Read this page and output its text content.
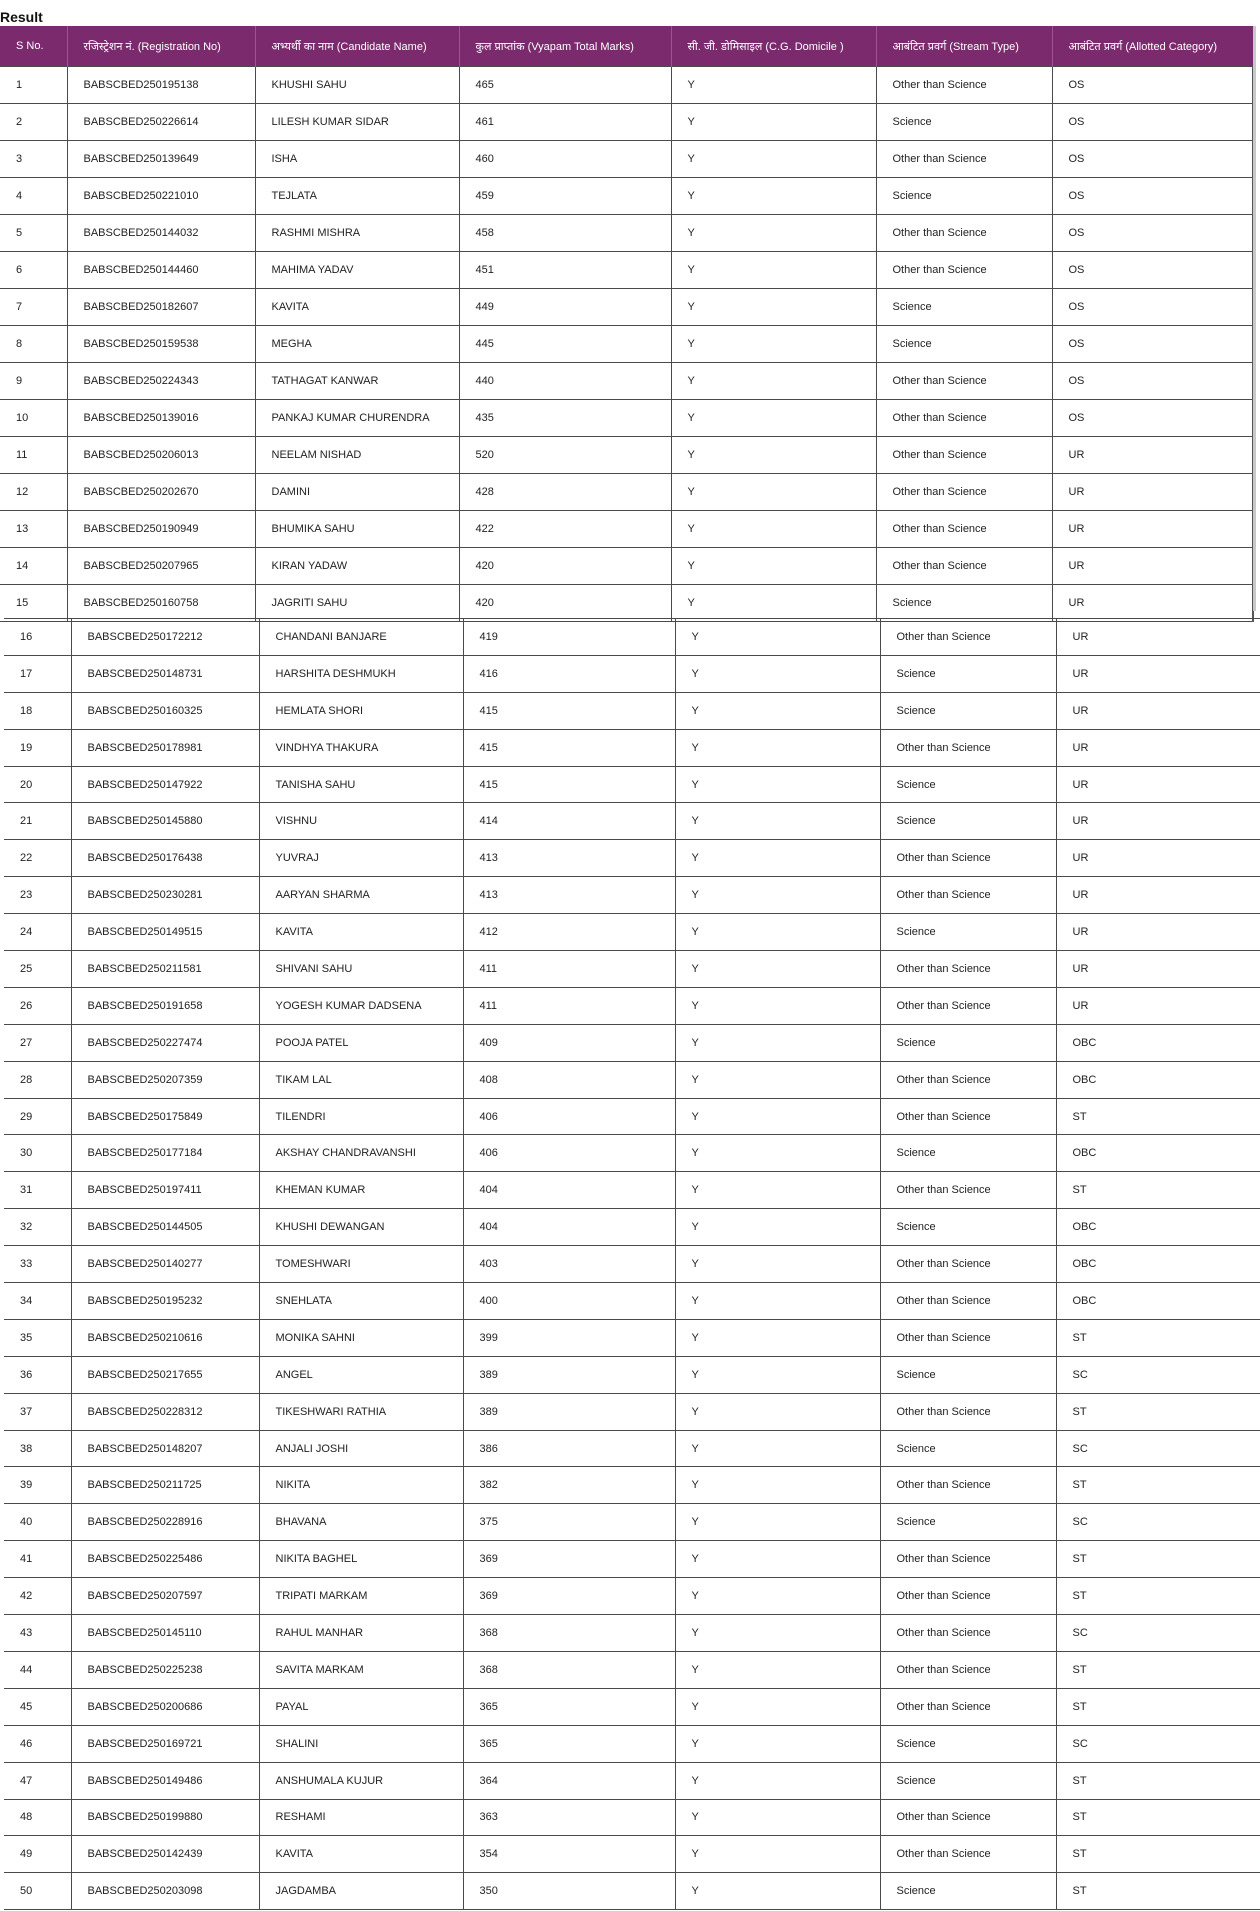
Result
S No.	रजिस्ट्रेशन नं. (Registration No)	अभ्यर्थी का नाम (Candidate Name)	कुल प्राप्तांक (Vyapam Total Marks)	सी. जी. डोमिसाइल (C.G. Domicile )	आबंटित प्रवर्ग (Stream Type)	आबंटित प्रवर्ग (Allotted Category)
1	BABSCBED250195138	KHUSHI SAHU	465	Y	Other than Science	OS
2	BABSCBED250226614	LILESH KUMAR SIDAR	461	Y	Science	OS
3	BABSCBED250139649	ISHA	460	Y	Other than Science	OS
4	BABSCBED250221010	TEJLATA	459	Y	Science	OS
5	BABSCBED250144032	RASHMI MISHRA	458	Y	Other than Science	OS
6	BABSCBED250144460	MAHIMA YADAV	451	Y	Other than Science	OS
7	BABSCBED250182607	KAVITA	449	Y	Science	OS
8	BABSCBED250159538	MEGHA	445	Y	Science	OS
9	BABSCBED250224343	TATHAGAT KANWAR	440	Y	Other than Science	OS
10	BABSCBED250139016	PANKAJ KUMAR CHURENDRA	435	Y	Other than Science	OS
11	BABSCBED250206013	NEELAM NISHAD	520	Y	Other than Science	UR
12	BABSCBED250202670	DAMINI	428	Y	Other than Science	UR
13	BABSCBED250190949	BHUMIKA SAHU	422	Y	Other than Science	UR
14	BABSCBED250207965	KIRAN YADAW	420	Y	Other than Science	UR
15	BABSCBED250160758	JAGRITI SAHU	420	Y	Science	UR
16	BABSCBED250172212	CHANDANI BANJARE	419	Y	Other than Science	UR
17	BABSCBED250148731	HARSHITA DESHMUKH	416	Y	Science	UR
18	BABSCBED250160325	HEMLATA SHORI	415	Y	Science	UR
19	BABSCBED250178981	VINDHYA THAKURA	415	Y	Other than Science	UR
20	BABSCBED250147922	TANISHA SAHU	415	Y	Science	UR
21	BABSCBED250145880	VISHNU	414	Y	Science	UR
22	BABSCBED250176438	YUVRAJ	413	Y	Other than Science	UR
23	BABSCBED250230281	AARYAN SHARMA	413	Y	Other than Science	UR
24	BABSCBED250149515	KAVITA	412	Y	Science	UR
25	BABSCBED250211581	SHIVANI SAHU	411	Y	Other than Science	UR
26	BABSCBED250191658	YOGESH KUMAR DADSENA	411	Y	Other than Science	UR
27	BABSCBED250227474	POOJA PATEL	409	Y	Science	OBC
28	BABSCBED250207359	TIKAM LAL	408	Y	Other than Science	OBC
29	BABSCBED250175849	TILENDRI	406	Y	Other than Science	ST
30	BABSCBED250177184	AKSHAY CHANDRAVANSHI	406	Y	Science	OBC
31	BABSCBED250197411	KHEMAN KUMAR	404	Y	Other than Science	ST
32	BABSCBED250144505	KHUSHI DEWANGAN	404	Y	Science	OBC
33	BABSCBED250140277	TOMESHWARI	403	Y	Other than Science	OBC
34	BABSCBED250195232	SNEHLATA	400	Y	Other than Science	OBC
35	BABSCBED250210616	MONIKA SAHNI	399	Y	Other than Science	ST
36	BABSCBED250217655	ANGEL	389	Y	Science	SC
37	BABSCBED250228312	TIKESHWARI RATHIA	389	Y	Other than Science	ST
38	BABSCBED250148207	ANJALI JOSHI	386	Y	Science	SC
39	BABSCBED250211725	NIKITA	382	Y	Other than Science	ST
40	BABSCBED250228916	BHAVANA	375	Y	Science	SC
41	BABSCBED250225486	NIKITA BAGHEL	369	Y	Other than Science	ST
42	BABSCBED250207597	TRIPATI MARKAM	369	Y	Other than Science	ST
43	BABSCBED250145110	RAHUL MANHAR	368	Y	Other than Science	SC
44	BABSCBED250225238	SAVITA MARKAM	368	Y	Other than Science	ST
45	BABSCBED250200686	PAYAL	365	Y	Other than Science	ST
46	BABSCBED250169721	SHALINI	365	Y	Science	SC
47	BABSCBED250149486	ANSHUMALA KUJUR	364	Y	Science	ST
48	BABSCBED250199880	RESHAMI	363	Y	Other than Science	ST
49	BABSCBED250142439	KAVITA	354	Y	Other than Science	ST
50	BABSCBED250203098	JAGDAMBA	350	Y	Science	ST
